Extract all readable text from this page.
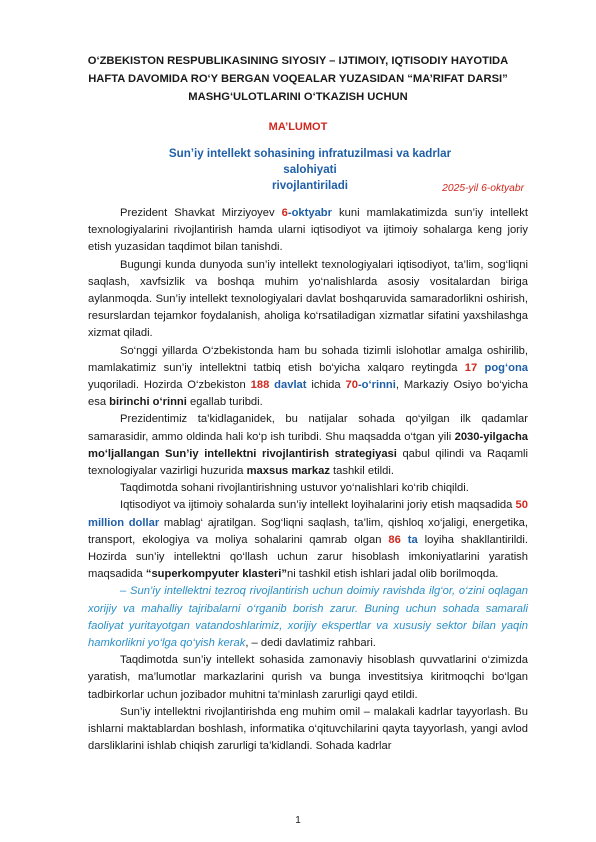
O‘ZBEKISTON RESPUBLIKASINING SIYOSIY – IJTIMOIY, IQTISODIY HAYOTIDA
HAFTA DAVOMIDA RO‘Y BERGAN VOQEALAR YUZASIDAN “MA’RIFAT DARSI”
MASHG‘ULOTLARINI O‘TKAZISH UCHUN
MA’LUMOT
Sun’iy intellekt sohasining infratuzilmasi va kadrlar salohiyati
rivojlantiriladi	2025-yil 6-oktyabr

Prezident Shavkat Mirziyoyev 6-oktyabr kuni mamlakatimizda sun’iy intellekt texnologiyalarini rivojlantirish hamda ularni iqtisodiyot va ijtimoiy sohalarga keng joriy etish yuzasidan taqdimot bilan tanishdi.

Bugungi kunda dunyoda sun’iy intellekt texnologiyalari iqtisodiyot, ta’lim, sog‘liqni saqlash, xavfsizlik va boshqa muhim yo‘nalishlarda asosiy vositalardan biriga aylanmoqda. Sun’iy intellekt texnologiyalari davlat boshqaruvida samaradorlikni oshirish, resurslardan tejamkor foydalanish, aholiga ko‘rsatiladigan xizmatlar sifatini yaxshilashga xizmat qiladi.

So‘nggi yillarda O‘zbekistonda ham bu sohada tizimli islohotlar amalga oshirilib, mamlakatimiz sun’iy intellektni tatbiq etish bo‘yicha xalqaro reytingda 17 pog‘ona yuqoriladi. Hozirda O‘zbekiston 188 davlat ichida 70-o‘rinni, Markaziy Osiyo bo‘yicha esa birinchi o‘rinni egallab turibdi.

Prezidentimiz ta’kidlaganidek, bu natijalar sohada qo‘yilgan ilk qadamlar samarasidir, ammo oldinda hali ko‘p ish turibdi. Shu maqsadda o‘tgan yili 2030-yilgacha mo‘ljallangan Sun’iy intellektni rivojlantirish strategiyasi qabul qilindi va Raqamli texnologiyalar vazirligi huzurida maxsus markaz tashkil etildi.

Taqdimotda sohani rivojlantirishning ustuvor yo‘nalishlari ko‘rib chiqildi.

Iqtisodiyot va ijtimoiy sohalarda sun’iy intellekt loyihalarini joriy etish maqsadida 50 million dollar mablag‘ ajratilgan. Sog‘liqni saqlash, ta’lim, qishloq xo‘jaligi, energetika, transport, ekologiya va moliya sohalarini qamrab olgan 86 ta loyiha shakllantirildi. Hozirda sun’iy intellektni qo‘llash uchun zarur hisoblash imkoniyatlarini yaratish maqsadida “superkompyuter klasteri”ni tashkil etish ishlari jadal olib borilmoqda.

– Sun’iy intellektni tezroq rivojlantirish uchun doimiy ravishda ilg‘or, o‘zini oqlagan xorijiy va mahalliy tajribalarni o‘rganib borish zarur. Buning uchun sohada samarali faoliyat yuritayotgan vatandoshlarimiz, xorijiy ekspertlar va xususiy sektor bilan yaqin hamkorlikni yo‘lga qo‘yish kerak, – dedi davlatimiz rahbari.

Taqdimotda sun’iy intellekt sohasida zamonaviy hisoblash quvvatlarini o‘zimizda yaratish, ma’lumotlar markazlarini qurish va bunga investitsiya kiritmoqchi bo‘lgan tadbirkorlar uchun jozibador muhitni ta’minlash zarurligi qayd etildi.

Sun’iy intellektni rivojlantirishda eng muhim omil – malakali kadrlar tayyorlash. Bu ishlarni maktablardan boshlash, informatika o‘qituvchilarini qayta tayyorlash, yangi avlod darsliklarini ishlab chiqish zarurligi ta’kidlandi. Sohada kadrlar

1
